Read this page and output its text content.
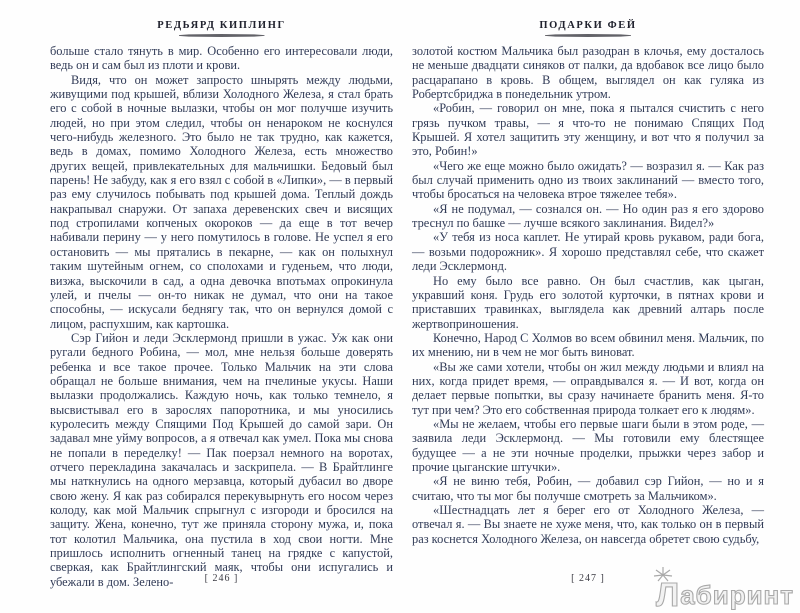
РЕДЬЯРД КИПЛИНГ

больше стало тянуть в мир. Особенно его интересовали люди, ведь он и сам был из плоти и крови.

Видя, что он может запросто шнырять между людьми, живущими под крышей, вблизи Холодного Железа, я стал брать его с собой в ночные вылазки, чтобы он мог получше изучить людей, но при этом следил, чтобы он ненароком не коснулся чего-нибудь железного. Это было не так трудно, как кажется, ведь в домах, помимо Холодного Железа, есть множество других вещей, привлекательных для мальчишки. Бедовый был парень! Не забуду, как я его взял с собой в «Липки», — в первый раз ему случилось побывать под крышей дома. Теплый дождь накрапывал снаружи. От запаха деревенских свеч и висящих под стропилами копченых окороков — да еще в тот вечер набивали перину — у него помутилось в голове. Не успел я его остановить — мы прятались в пекарне, — как он полыхнул таким шутейным огнем, со сполохами и гуденьем, что люди, визжа, выскочили в сад, а одна девочка впотьмах опрокинула улей, и пчелы — он-то никак не думал, что они на такое способны, — искусали беднягу так, что он вернулся домой с лицом, распухшим, как картошка.

Сэр Гийон и леди Эсклермонд пришли в ужас. Уж как они ругали бедного Робина, — мол, мне нельзя больше доверять ребенка и все такое прочее. Только Мальчик на эти слова обращал не больше внимания, чем на пчелиные укусы. Наши вылазки продолжались. Каждую ночь, как только темнело, я высвистывал его в зарослях папоротника, и мы уносились куролесить между Спящими Под Крышей до самой зари. Он задавал мне уйму вопросов, а я отвечал как умел. Пока мы снова не попали в переделку! — Пак поерзал немного на воротах, отчего перекладина закачалась и заскрипела. — В Брайтлинге мы наткнулись на одного мерзавца, который дубасил во дворе свою жену. Я как раз собирался перекувырнуть его носом через колоду, как мой Мальчик спрыгнул с изгороди и бросился на защиту. Жена, конечно, тут же приняла сторону мужа, и, пока тот колотил Мальчика, она пустила в ход свои ногти. Мне пришлось исполнить огненный танец на грядке с капустой, сверкая, как Брайтлингский маяк, чтобы они испугались и убежали в дом. Зелено-	[ 246 ]
ПОДАРКИ ФЕЙ

золотой костюм Мальчика был разодран в клочья, ему досталось не меньше двадцати синяков от палки, да вдобавок все лицо было расцарапано в кровь. В общем, выглядел он как гуляка из Робертсбриджа в понедельник утром.

«Робин, — говорил он мне, пока я пытался счистить с него грязь пучком травы, — я что-то не понимаю Спящих Под Крышей. Я хотел защитить эту женщину, и вот что я получил за это, Робин!»

«Чего же еще можно было ожидать? — возразил я. — Как раз был случай применить одно из твоих заклинаний — вместо того, чтобы бросаться на человека втрое тяжелее тебя».

«Я не подумал, — сознался он. — Но один раз я его здорово треснул по башке — лучше всякого заклинания. Видел?»

«У тебя из носа каплет. Не утирай кровь рукавом, ради бога, — возьми подорожник». Я хорошо представлял себе, что скажет леди Эсклермонд.

Но ему было все равно. Он был счастлив, как цыган, укравший коня. Грудь его золотой курточки, в пятнах крови и приставших травинках, выглядела как древний алтарь после жертвоприношения.

Конечно, Народ С Холмов во всем обвинил меня. Мальчик, по их мнению, ни в чем не мог быть виноват.

«Вы же сами хотели, чтобы он жил между людьми и влиял на них, когда придет время, — оправдывался я. — И вот, когда он делает первые попытки, вы сразу начинаете бранить меня. Я-то тут при чем? Это его собственная природа толкает его к людям».

«Мы не желаем, чтобы его первые шаги были в этом роде, — заявила леди Эсклермонд. — Мы готовили ему блестящее будущее — а не эти ночные проделки, прыжки через забор и прочие цыганские штучки».

«Я не виню тебя, Робин, — добавил сэр Гийон, — но и я считаю, что ты мог бы получше смотреть за Мальчиком».

«Шестнадцать лет я берег его от Холодного Железа, — отвечал я. — Вы знаете не хуже меня, что, как только он в первый раз коснется Холодного Железа, он навсегда обретет свою судьбу,

[ 247 ]	Лабиринт
